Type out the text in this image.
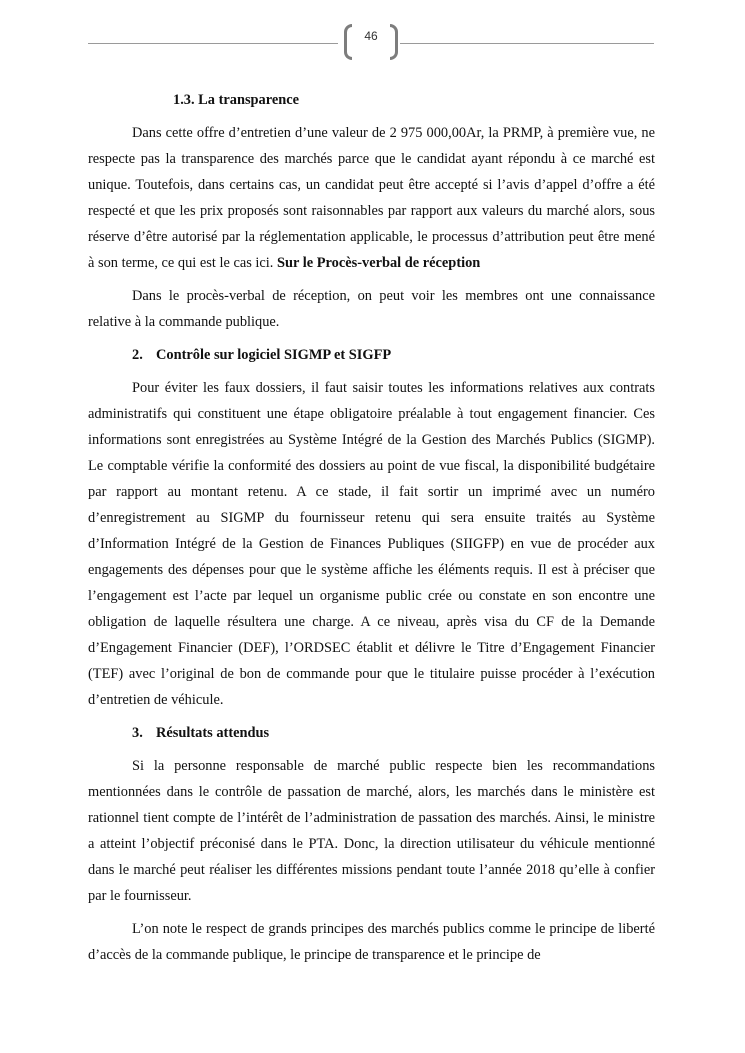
46
1.3. La transparence

Dans cette offre d’entretien d’une valeur de 2 975 000,00Ar, la PRMP, à première vue, ne respecte pas la transparence des marchés parce que le candidat ayant répondu à ce marché est unique. Toutefois, dans certains cas, un candidat peut être accepté si l’avis d’appel d’offre a été respecté et que les prix proposés sont raisonnables par rapport aux valeurs du marché alors, sous réserve d’être autorisé par la réglementation applicable, le processus d’attribution peut être mené à son terme, ce qui est le cas ici. Sur le Procès-verbal de réception

Dans le procès-verbal de réception, on peut voir les membres ont une connaissance relative à la commande publique.

2. Contrôle sur logiciel SIGMP et SIGFP

Pour éviter les faux dossiers, il faut saisir toutes les informations relatives aux contrats administratifs qui constituent une étape obligatoire préalable à tout engagement financier. Ces informations sont enregistrées au Système Intégré de la Gestion des Marchés Publics (SIGMP). Le comptable vérifie la conformité des dossiers au point de vue fiscal, la disponibilité budgétaire par rapport au montant retenu. A ce stade, il fait sortir un imprimé avec un numéro d’enregistrement au SIGMP du fournisseur retenu qui sera ensuite traités au Système d’Information Intégré de la Gestion de Finances Publiques (SIIGFP) en vue de procéder aux engagements des dépenses pour que le système affiche les éléments requis. Il est à préciser que l’engagement est l’acte par lequel un organisme public crée ou constate en son encontre une obligation de laquelle résultera une charge. A ce niveau, après visa du CF de la Demande d’Engagement Financier (DEF), l’ORDSEC établit et délivre le Titre d’Engagement Financier (TEF) avec l’original de bon de commande pour que le titulaire puisse procéder à l’exécution d’entretien de véhicule.

3. Résultats attendus

Si la personne responsable de marché public respecte bien les recommandations mentionnées dans le contrôle de passation de marché, alors, les marchés dans le ministère est rationnel tient compte de l’intérêt de l’administration de passation des marchés. Ainsi, le ministre a atteint l’objectif préconisé dans le PTA. Donc, la direction utilisateur du véhicule mentionné dans le marché peut réaliser les différentes missions pendant toute l’année 2018 qu’elle à confier par le fournisseur.

L’on note le respect de grands principes des marchés publics comme le principe de liberté d’accès de la commande publique, le principe de transparence et le principe de
